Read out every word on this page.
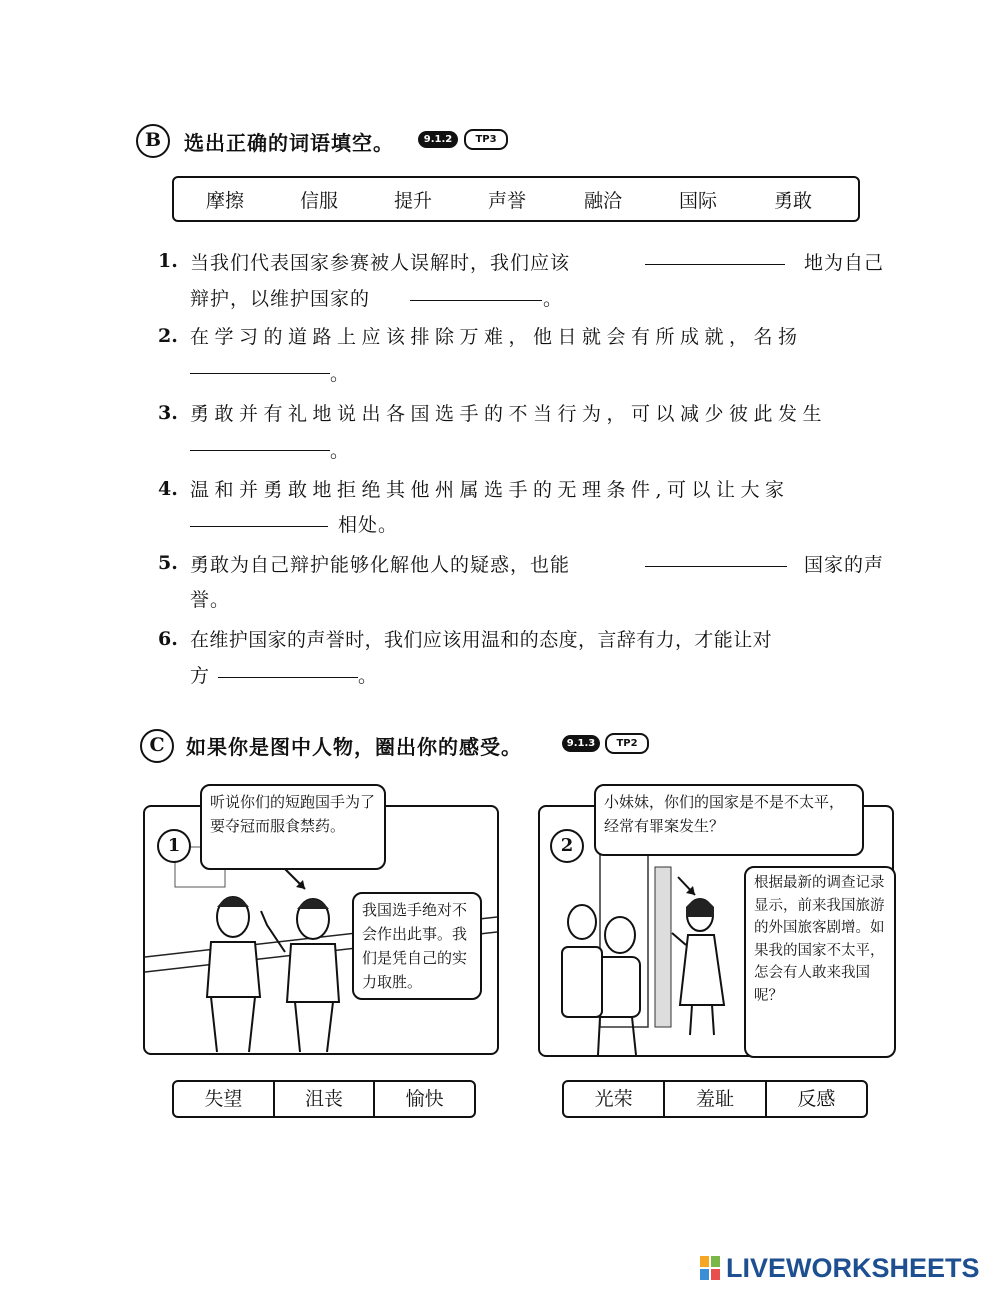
B	选出正确的词语填空。	9.1.2	TP3
摩擦	信服	提升	声誉	融洽	国际	勇敢
1. 当我们代表国家参赛被人误解时，我们应该	地为自己
辩护，以维护国家的	。
2. 在学习的道路上应该排除万难，他日就会有所成就，名扬
。
3. 勇敢并有礼地说出各国选手的不当行为，可以减少彼此发生
。
4. 温和并勇敢地拒绝其他州属选手的无理条件,可以让大家
相处。
5. 勇敢为自己辩护能够化解他人的疑惑，也能	国家的声
誉。
6. 在维护国家的声誉时，我们应该用温和的态度，言辞有力，才能让对
方	。
C	如果你是图中人物，圈出你的感受。	9.1.3	TP2
1
听说你们的短跑国手为了要夺冠而服食禁药。
我国选手绝对不会作出此事。我们是凭自己的实力取胜。
失望	沮丧	愉快
2
小妹妹，你们的国家是不是不太平，经常有罪案发生？
根据最新的调查记录显示，前来我国旅游的外国旅客剧增。如果我的国家不太平，怎会有人敢来我国呢？
光荣	羞耻	反感
LIVEWORKSHEETS
